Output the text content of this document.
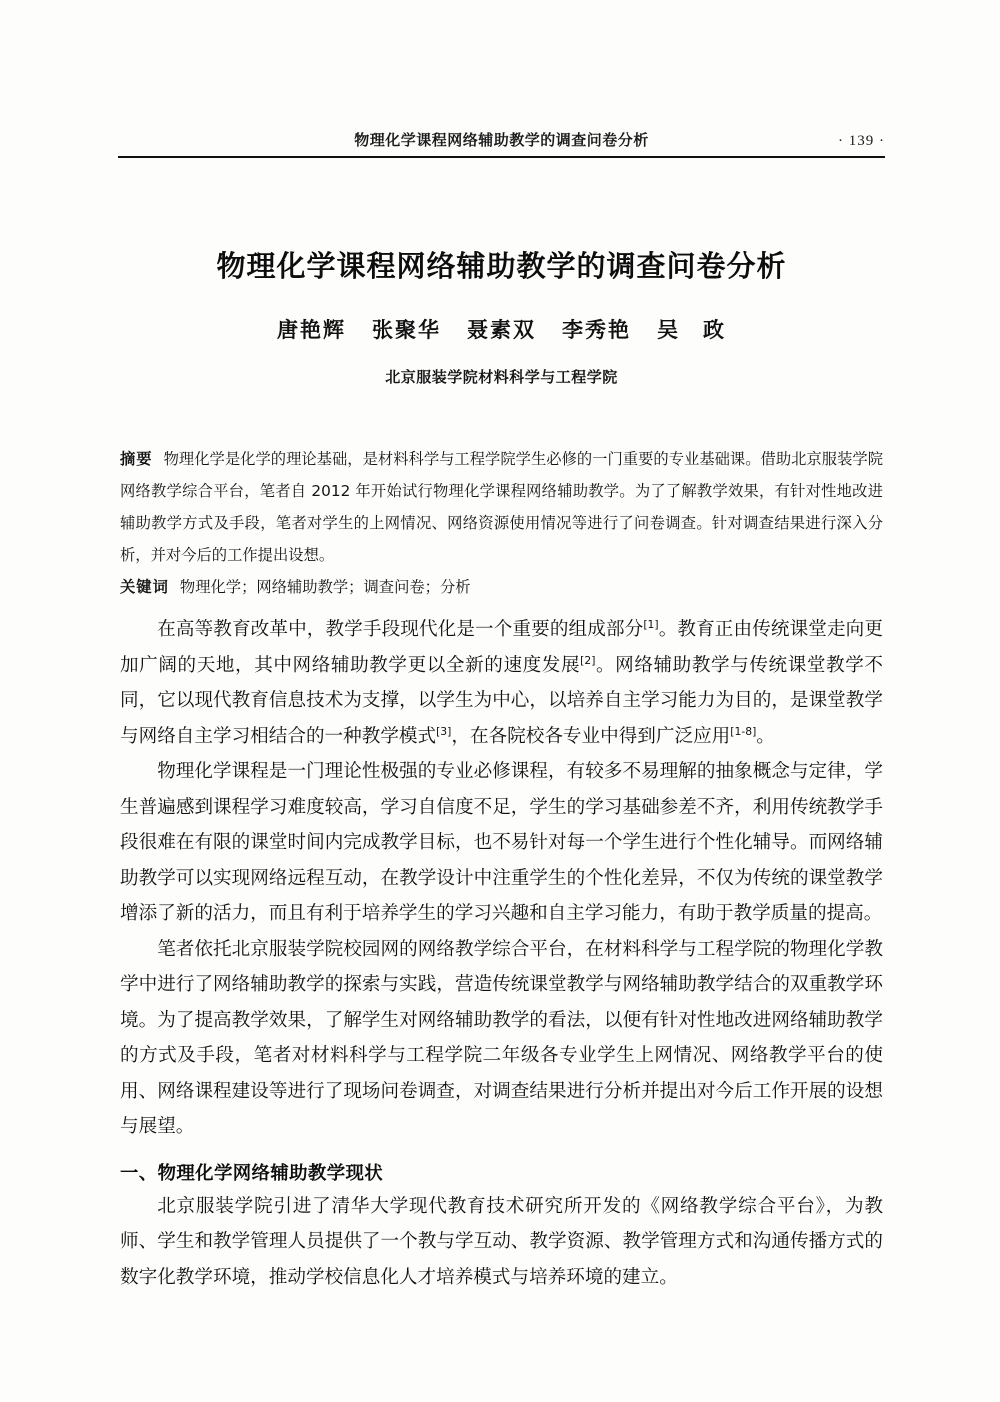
物理化学课程网络辅助教学的调查问卷分析	· 139 ·
物理化学课程网络辅助教学的调查问卷分析
唐艳辉 张聚华 聂素双 李秀艳 吴　政
北京服装学院材料科学与工程学院

摘要 物理化学是化学的理论基础，是材料科学与工程学院学生必修的一门重要的专业基础课。借助北京服装学院网络教学综合平台，笔者自 2012 年开始试行物理化学课程网络辅助教学。为了了解教学效果，有针对性地改进辅助教学方式及手段，笔者对学生的上网情况、网络资源使用情况等进行了问卷调查。针对调查结果进行深入分析，并对今后的工作提出设想。

关键词 物理化学；网络辅助教学；调查问卷；分析

在高等教育改革中，教学手段现代化是一个重要的组成部分[1]。教育正由传统课堂走向更加广阔的天地，其中网络辅助教学更以全新的速度发展[2]。网络辅助教学与传统课堂教学不同，它以现代教育信息技术为支撑，以学生为中心，以培养自主学习能力为目的，是课堂教学与网络自主学习相结合的一种教学模式[3]，在各院校各专业中得到广泛应用[1-8]。

物理化学课程是一门理论性极强的专业必修课程，有较多不易理解的抽象概念与定律，学生普遍感到课程学习难度较高，学习自信度不足，学生的学习基础参差不齐，利用传统教学手段很难在有限的课堂时间内完成教学目标，也不易针对每一个学生进行个性化辅导。而网络辅助教学可以实现网络远程互动，在教学设计中注重学生的个性化差异，不仅为传统的课堂教学增添了新的活力，而且有利于培养学生的学习兴趣和自主学习能力，有助于教学质量的提高。

笔者依托北京服装学院校园网的网络教学综合平台，在材料科学与工程学院的物理化学教学中进行了网络辅助教学的探索与实践，营造传统课堂教学与网络辅助教学结合的双重教学环境。为了提高教学效果，了解学生对网络辅助教学的看法，以便有针对性地改进网络辅助教学的方式及手段，笔者对材料科学与工程学院二年级各专业学生上网情况、网络教学平台的使用、网络课程建设等进行了现场问卷调查，对调查结果进行分析并提出对今后工作开展的设想与展望。

一、物理化学网络辅助教学现状

北京服装学院引进了清华大学现代教育技术研究所开发的《网络教学综合平台》，为教师、学生和教学管理人员提供了一个教与学互动、教学资源、教学管理方式和沟通传播方式的数字化教学环境，推动学校信息化人才培养模式与培养环境的建立。
